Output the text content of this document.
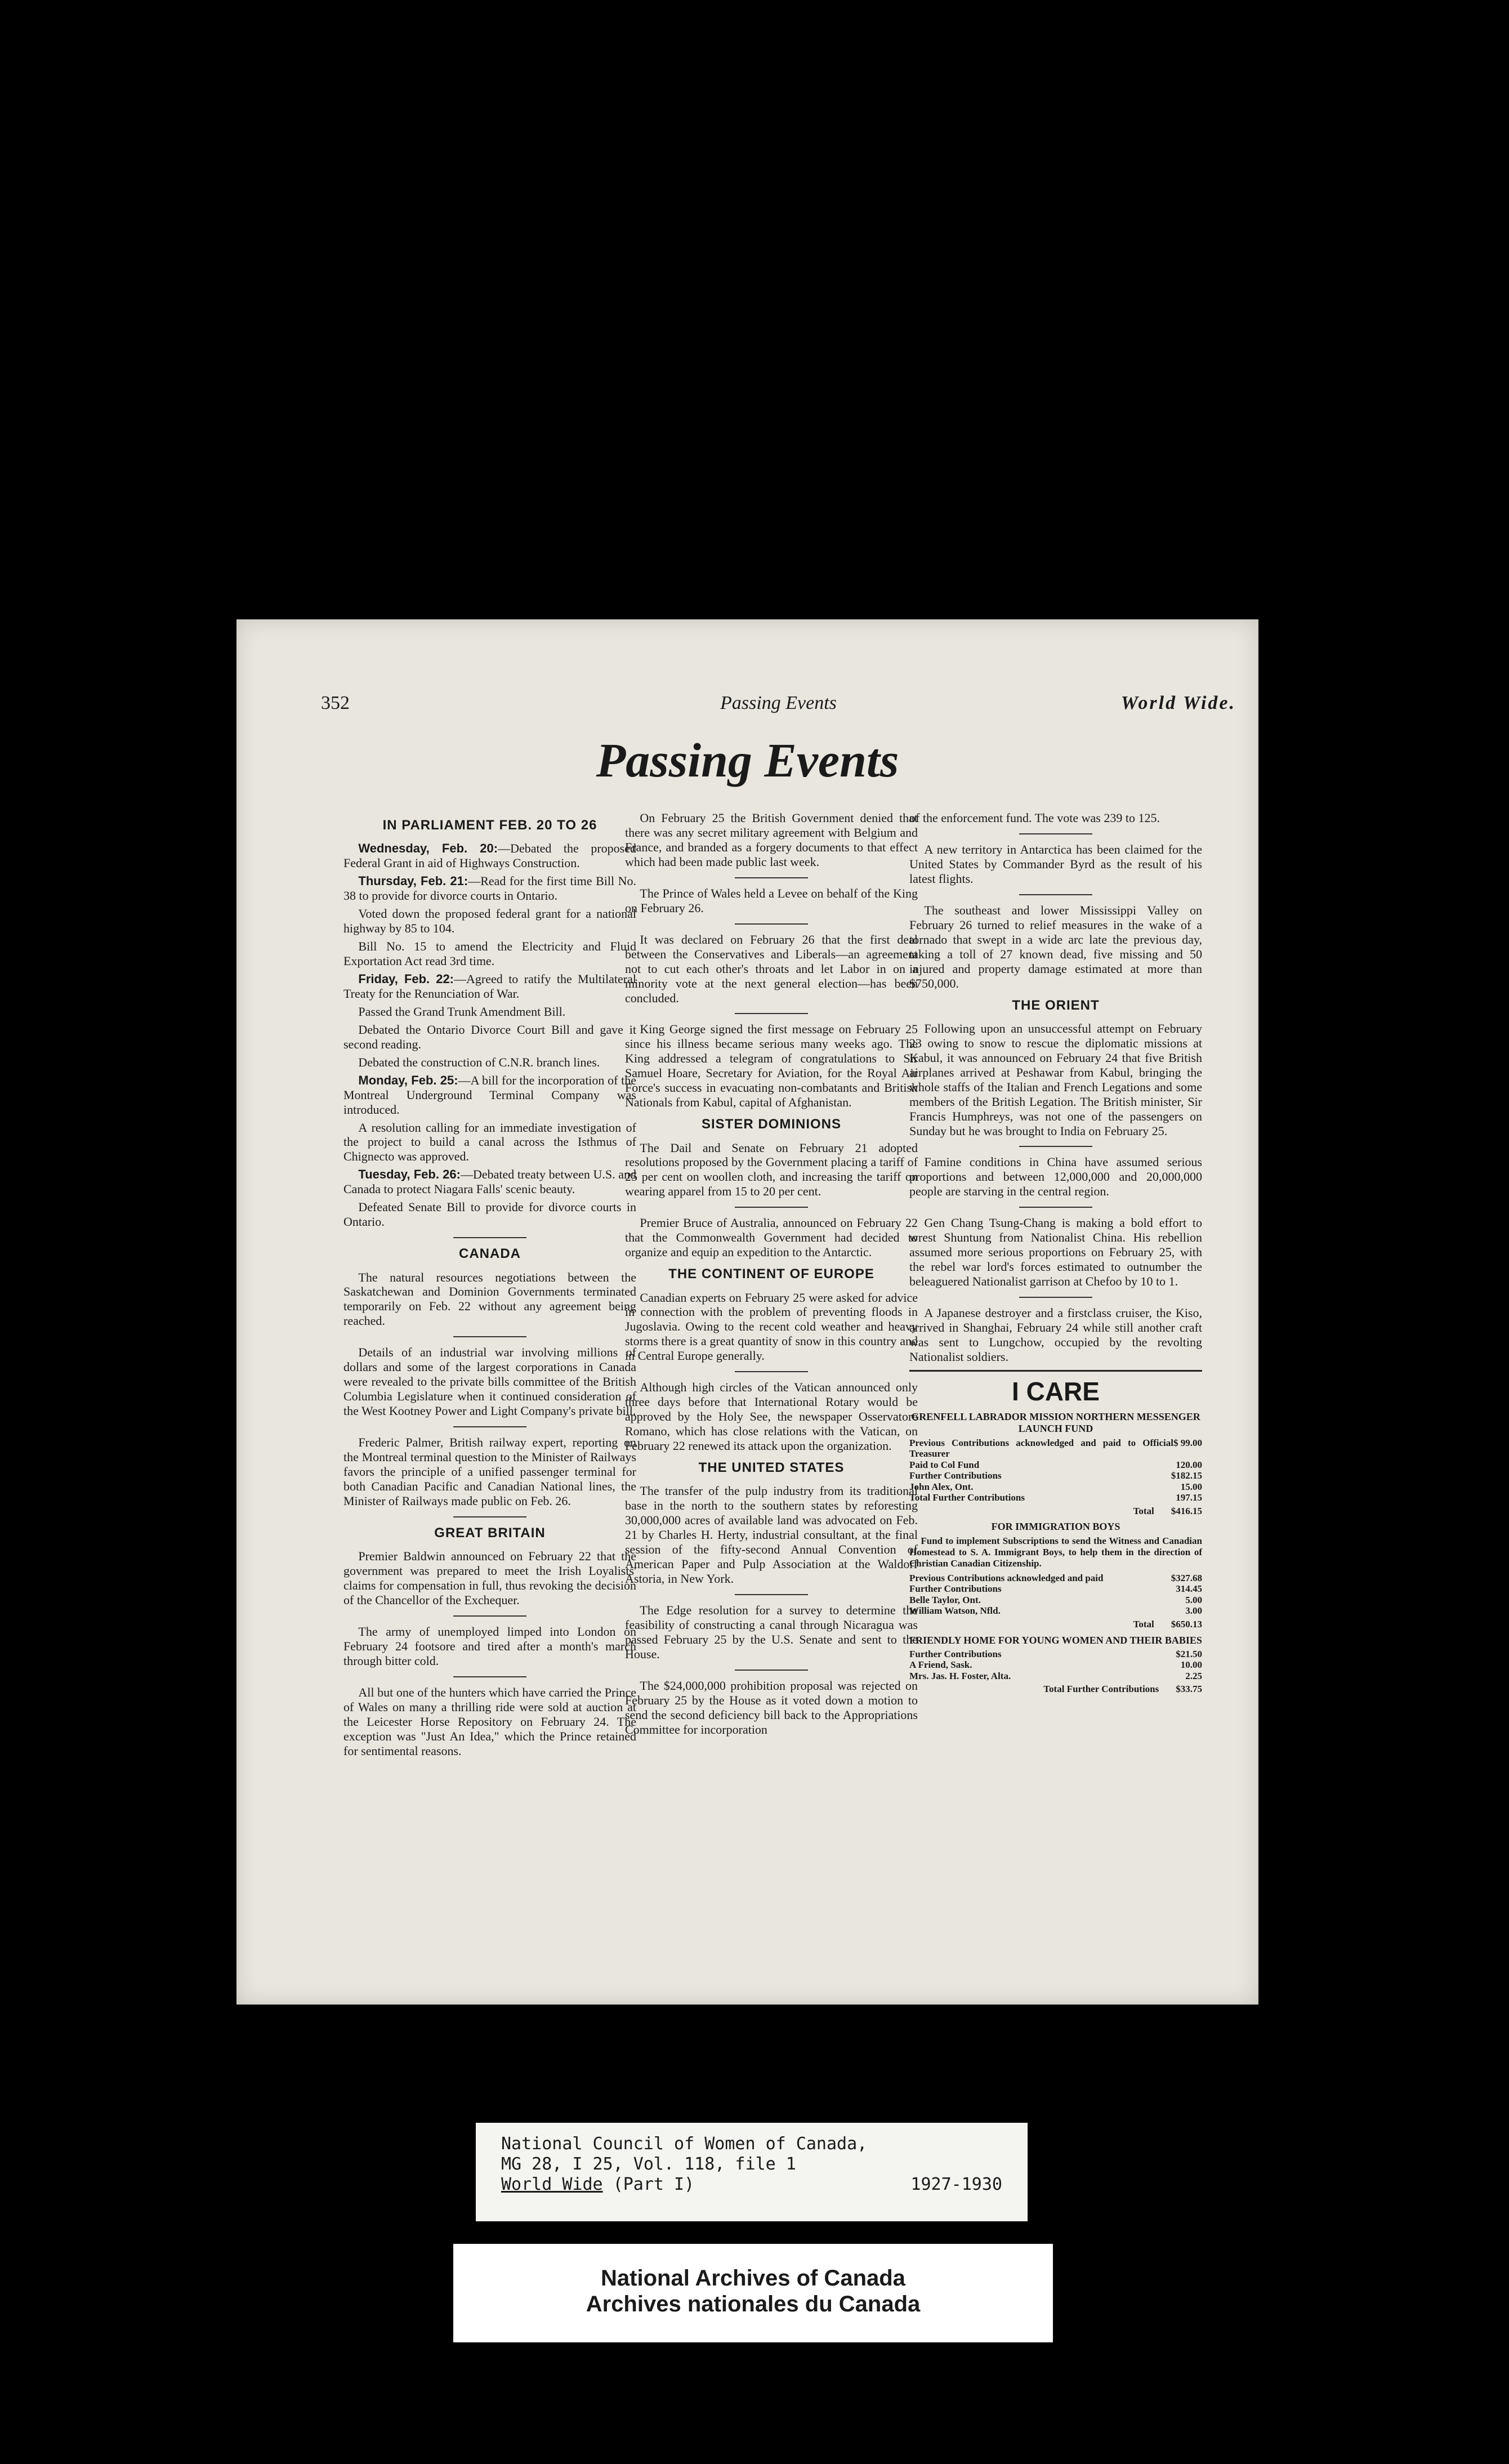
352	Passing Events	World Wide.
Passing Events
IN PARLIAMENT FEB. 20 TO 26

Wednesday, Feb. 20:—Debated the proposed Federal Grant in aid of Highways Construction.

Thursday, Feb. 21:—Read for the first time Bill No. 38 to provide for divorce courts in Ontario.

Voted down the proposed federal grant for a national highway by 85 to 104.

Bill No. 15 to amend the Electricity and Fluid Exportation Act read 3rd time.

Friday, Feb. 22:—Agreed to ratify the Multilateral Treaty for the Renunciation of War.

Passed the Grand Trunk Amendment Bill.

Debated the Ontario Divorce Court Bill and gave it second reading.

Debated the construction of C.N.R. branch lines.

Monday, Feb. 25:—A bill for the incorporation of the Montreal Underground Terminal Company was introduced.

A resolution calling for an immediate investigation of the project to build a canal across the Isthmus of Chignecto was approved.

Tuesday, Feb. 26:—Debated treaty between U.S. and Canada to protect Niagara Falls' scenic beauty.

Defeated Senate Bill to provide for divorce courts in Ontario.

CANADA

The natural resources negotiations between the Saskatchewan and Dominion Governments terminated temporarily on Feb. 22 without any agreement being reached.

Details of an industrial war involving millions of dollars and some of the largest corporations in Canada were revealed to the private bills committee of the British Columbia Legislature when it continued consideration of the West Kootney Power and Light Company's private bill.

Frederic Palmer, British railway expert, reporting on the Montreal terminal question to the Minister of Railways favors the principle of a unified passenger terminal for both Canadian Pacific and Canadian National lines, the Minister of Railways made public on Feb. 26.

GREAT BRITAIN

Premier Baldwin announced on February 22 that the government was prepared to meet the Irish Loyalists' claims for compensation in full, thus revoking the decision of the Chancellor of the Exchequer.

The army of unemployed limped into London on February 24 footsore and tired after a month's march through bitter cold.

All but one of the hunters which have carried the Prince of Wales on many a thrilling ride were sold at auction at the Leicester Horse Repository on February 24. The exception was "Just An Idea," which the Prince retained for sentimental reasons.

On February 25 the British Government denied that there was any secret military agreement with Belgium and France, and branded as a forgery documents to that effect which had been made public last week.

The Prince of Wales held a Levee on behalf of the King on February 26.

It was declared on February 26 that the first deal between the Conservatives and Liberals—an agreement not to cut each other's throats and let Labor in on a minority vote at the next general election—has been concluded.

King George signed the first message on February 25 since his illness became serious many weeks ago. The King addressed a telegram of congratulations to Sir Samuel Hoare, Secretary for Aviation, for the Royal Air Force's success in evacuating non-combatants and British Nationals from Kabul, capital of Afghanistan.

SISTER DOMINIONS

The Dail and Senate on February 21 adopted resolutions proposed by the Government placing a tariff of 25 per cent on woollen cloth, and increasing the tariff on wearing apparel from 15 to 20 per cent.

Premier Bruce of Australia, announced on February 22 that the Commonwealth Government had decided to organize and equip an expedition to the Antarctic.

THE CONTINENT OF EUROPE

Canadian experts on February 25 were asked for advice in connection with the problem of preventing floods in Jugoslavia. Owing to the recent cold weather and heavy storms there is a great quantity of snow in this country and in Central Europe generally.

Although high circles of the Vatican announced only three days before that International Rotary would be approved by the Holy See, the newspaper Osservatore Romano, which has close relations with the Vatican, on February 22 renewed its attack upon the organization.

THE UNITED STATES

The transfer of the pulp industry from its traditional base in the north to the southern states by reforesting 30,000,000 acres of available land was advocated on Feb. 21 by Charles H. Herty, industrial consultant, at the final session of the fifty-second Annual Convention of American Paper and Pulp Association at the Waldorf Astoria, in New York.

The Edge resolution for a survey to determine the feasibility of constructing a canal through Nicaragua was passed February 25 by the U.S. Senate and sent to the House.

The $24,000,000 prohibition proposal was rejected on February 25 by the House as it voted down a motion to send the second deficiency bill back to the Appropriations Committee for incorporation

of the enforcement fund. The vote was 239 to 125.

A new territory in Antarctica has been claimed for the United States by Commander Byrd as the result of his latest flights.

The southeast and lower Mississippi Valley on February 26 turned to relief measures in the wake of a tornado that swept in a wide arc late the previous day, taking a toll of 27 known dead, five missing and 50 injured and property damage estimated at more than $750,000.

THE ORIENT

Following upon an unsuccessful attempt on February 23 owing to snow to rescue the diplomatic missions at Kabul, it was announced on February 24 that five British airplanes arrived at Peshawar from Kabul, bringing the whole staffs of the Italian and French Legations and some members of the British Legation. The British minister, Sir Francis Humphreys, was not one of the passengers on Sunday but he was brought to India on February 25.

Famine conditions in China have assumed serious proportions and between 12,000,000 and 20,000,000 people are starving in the central region.

Gen Chang Tsung-Chang is making a bold effort to wrest Shuntung from Nationalist China. His rebellion assumed more serious proportions on February 25, with the rebel war lord's forces estimated to outnumber the beleaguered Nationalist garrison at Chefoo by 10 to 1.

A Japanese destroyer and a firstclass cruiser, the Kiso, arrived in Shanghai, February 24 while still another craft was sent to Lungchow, occupied by the revolting Nationalist soldiers.

I CARE
GRENFELL LABRADOR MISSION NORTHERN MESSENGER LAUNCH FUND
Previous Contributions acknowledged and paid to Official Treasurer
$ 99.00
Paid to Col Fund	120.00
Further Contributions	$182.15
John Alex, Ont.	15.00
Total Further Contributions	197.15
Total $416.15
FOR IMMIGRATION BOYS

Fund to implement Subscriptions to send the Witness and Canadian Homestead to S. A. Immigrant Boys, to help them in the direction of Christian Canadian Citizenship.

Previous Contributions acknowledged and paid	$327.68
Further Contributions	314.45
Belle Taylor, Ont.	5.00
William Watson, Nfld.	3.00
Total $650.13
FRIENDLY HOME FOR YOUNG WOMEN AND THEIR BABIES
Further Contributions	$21.50
A Friend, Sask.	10.00
Mrs. Jas. H. Foster, Alta.	2.25
Total Further Contributions $33.75
National Council of Women of Canada,
MG 28, I 25, Vol. 118, file 1
World Wide (Part I)	1927-1930
National Archives of Canada
Archives nationales du Canada
